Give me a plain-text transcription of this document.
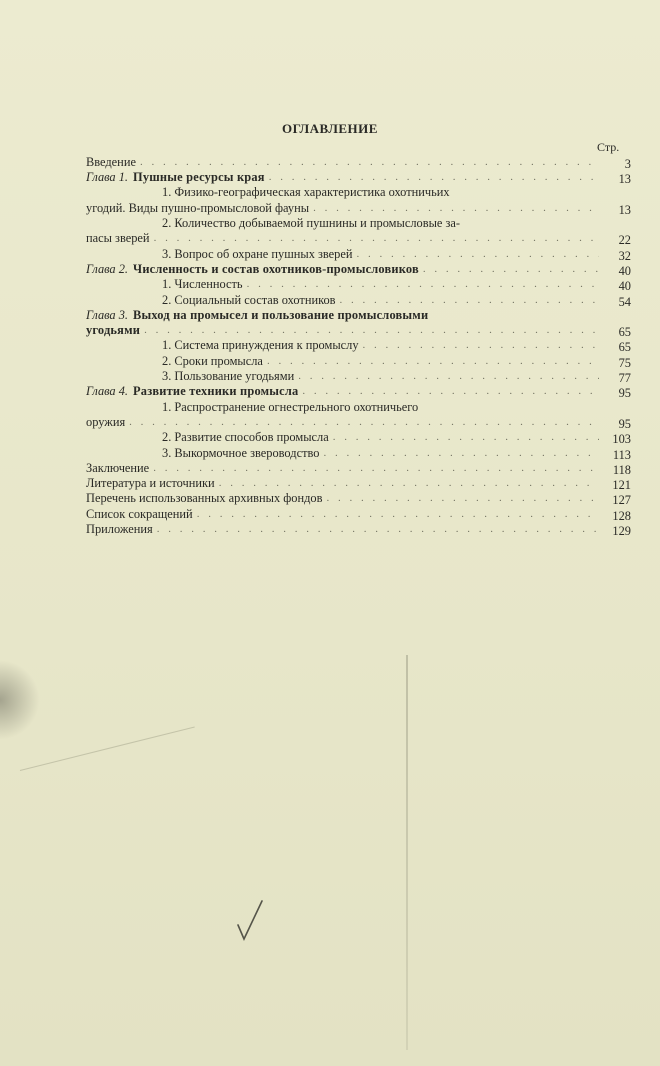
ОГЛАВЛЕНИЕ
Стр.
Введение . . .	3
Глава 1. Пушные ресурсы края . . .	13
1. Физико-географическая характеристика охотничьих
угодий. Виды пушно-промысловой фауны . . .	13
2. Количество добываемой пушнины и промысловые за-
пасы зверей . . .	22
3. Вопрос об охране пушных зверей . . .	32
Глава 2. Численность и состав охотников-промысловиков . . .	40
1. Численность . . .	40
2. Социальный состав охотников . . .	54
Глава 3. Выход на промысел и пользование промысловыми
угодьями . . .	65
1. Система принуждения к промыслу . . .	65
2. Сроки промысла . . .	75
3. Пользование угодьями . . .	77
Глава 4. Развитие техники промысла . . .	95
1. Распространение огнестрельного охотничьего
оружия . . .	95
2. Развитие способов промысла . . .	103
3. Выкормочное звероводство . . .	113
Заключение . . .	118
Литература и источники . . .	121
Перечень использованных архивных фондов . . .	127
Список сокращений . . .	128
Приложения . . .	129
